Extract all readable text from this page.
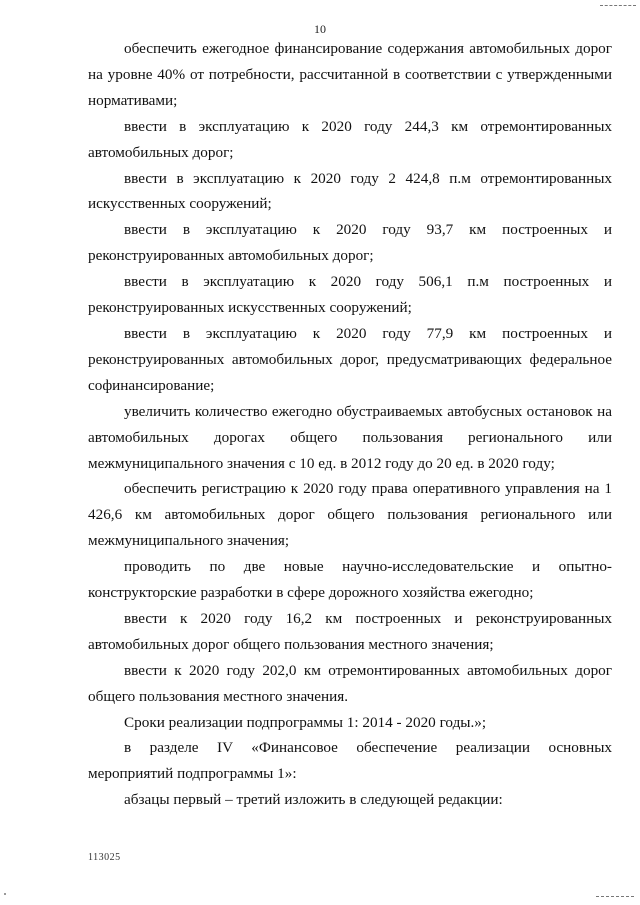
10

обеспечить ежегодное финансирование содержания автомобильных дорог на уровне 40% от потребности, рассчитанной в соответствии с утвержденными нормативами;

ввести в эксплуатацию к 2020 году 244,3 км отремонтированных автомобильных дорог;

ввести в эксплуатацию к 2020 году 2 424,8 п.м отремонтированных искусственных сооружений;

ввести в эксплуатацию к 2020 году 93,7 км построенных и реконструированных автомобильных дорог;

ввести в эксплуатацию к 2020 году 506,1 п.м построенных и реконструированных искусственных сооружений;

ввести в эксплуатацию к 2020 году 77,9 км построенных и реконструированных автомобильных дорог, предусматривающих федеральное софинансирование;

увеличить количество ежегодно обустраиваемых автобусных остановок на автомобильных дорогах общего пользования регионального или межмуниципального значения с 10 ед. в 2012 году до 20 ед. в 2020 году;

обеспечить регистрацию к 2020 году права оперативного управления на 1 426,6 км автомобильных дорог общего пользования регионального или межмуниципального значения;

проводить по две новые научно-исследовательские и опытно-конструкторские разработки в сфере дорожного хозяйства ежегодно;

ввести к 2020 году 16,2 км построенных и реконструированных автомобильных дорог общего пользования местного значения;

ввести к 2020 году 202,0 км отремонтированных автомобильных дорог общего пользования местного значения.

Сроки реализации подпрограммы 1: 2014 - 2020 годы.»;

в разделе IV «Финансовое обеспечение реализации основных мероприятий подпрограммы 1»:

абзацы первый – третий изложить в следующей редакции:

113025
